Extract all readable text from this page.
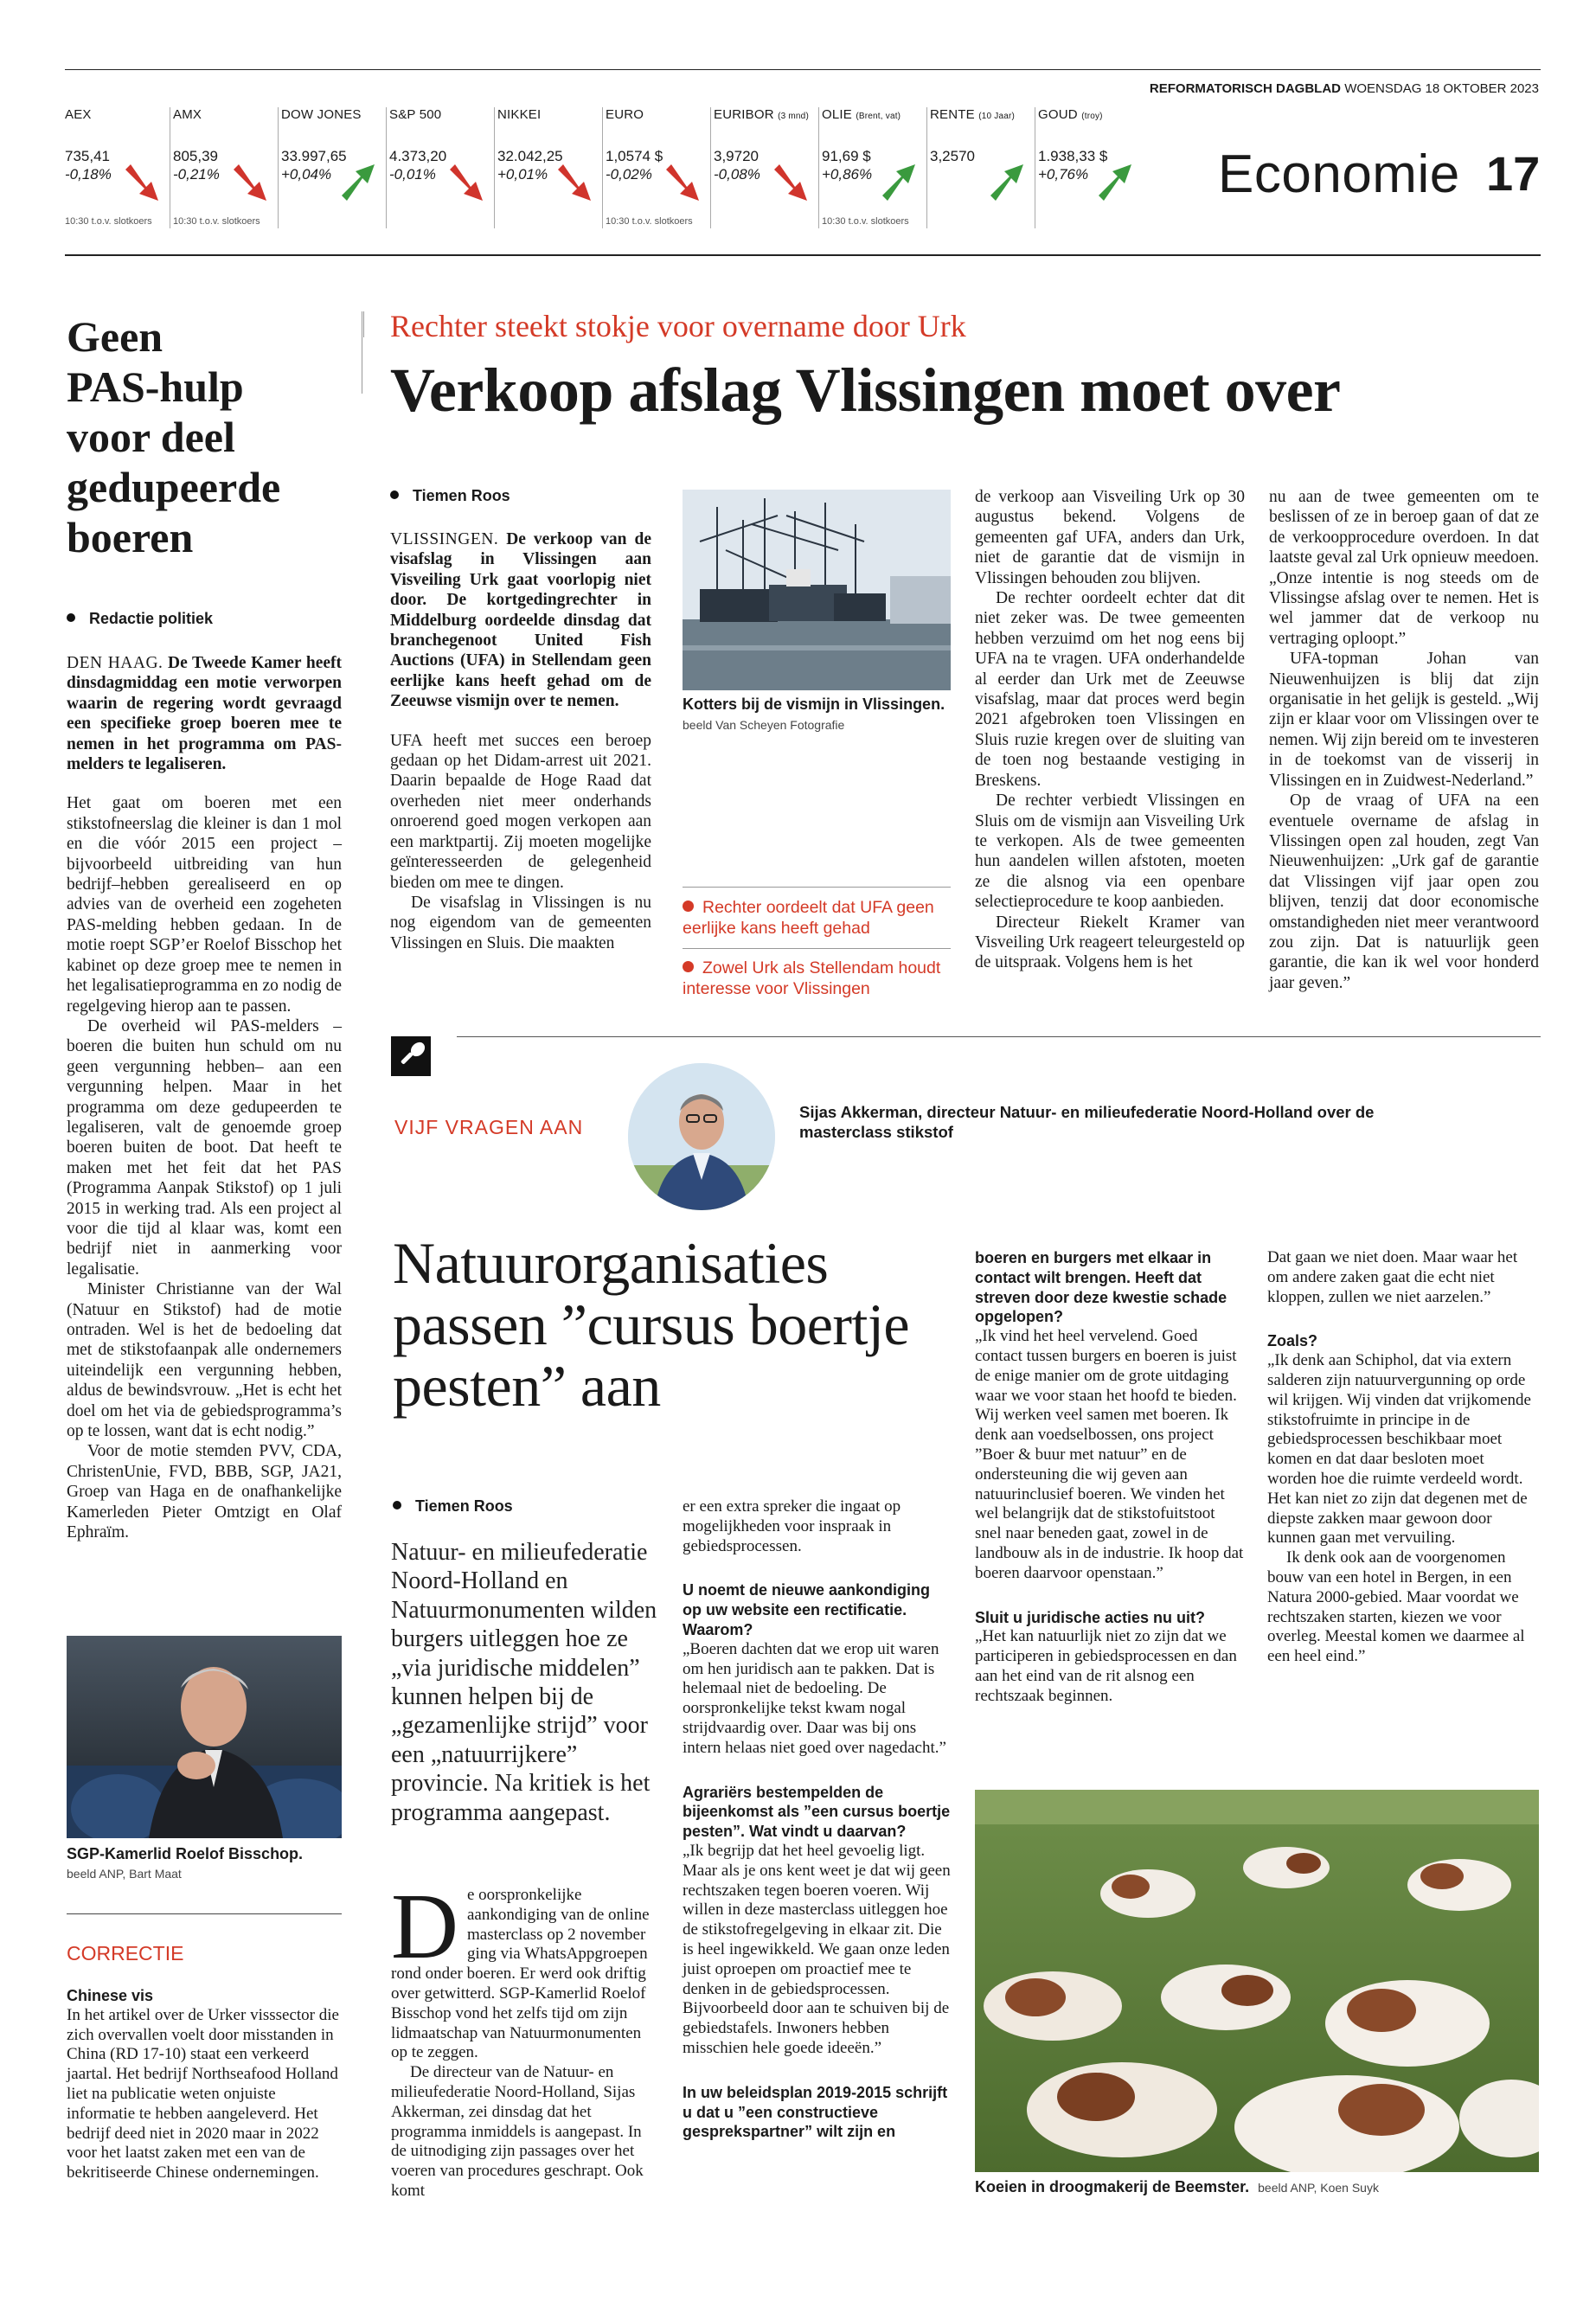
REFORMATORISCH DAGBLAD WOENSDAG 18 OKTOBER 2023
AEX
735,41
-0,18%
10:30 t.o.v. slotkoers
AMX
805,39
-0,21%
10:30 t.o.v. slotkoers
DOW JONES
33.997,65
+0,04%
S&P 500
4.373,20
-0,01%
NIKKEI
32.042,25
+0,01%
EURO
1,0574 $
-0,02%
10:30 t.o.v. slotkoers
EURIBOR (3 mnd)
3,9720
-0,08%
OLIE (Brent, vat)
91,69 $
+0,86%
10:30 t.o.v. slotkoers
RENTE (10 Jaar)
3,2570
GOUD (troy)
1.938,33 $
+0,76% Economie 17
Geen
PAS-hulp
voor deel
gedupeerde
boeren
Redactie politiek

DEN HAAG. De Tweede Kamer heeft dinsdagmiddag een motie verworpen waarin de regering wordt gevraagd een specifieke groep boeren mee te nemen in het programma om PAS-melders te legaliseren.

Het gaat om boeren met een stikstofneerslag die kleiner is dan 1 mol en die vóór 2015 een project –bijvoorbeeld uitbreiding van hun bedrijf–hebben gerealiseerd en op advies van de overheid een zogeheten PAS-melding hebben gedaan. In de motie roept SGP’er Roelof Bisschop het kabinet op deze groep mee te nemen in het legalisatieprogramma en zo nodig de regelgeving hierop aan te passen.

De overheid wil PAS-melders –boeren die buiten hun schuld om nu geen vergunning hebben– aan een vergunning helpen. Maar in het programma om deze gedupeerden te legaliseren, valt de genoemde groep boeren buiten de boot. Dat heeft te maken met het feit dat het PAS (Programma Aanpak Stikstof) op 1 juli 2015 in werking trad. Als een project al voor die tijd al klaar was, komt een bedrijf niet in aanmerking voor legalisatie.

Minister Christianne van der Wal (Natuur en Stikstof) had de motie ontraden. Wel is het de bedoeling dat met de stikstofaanpak alle ondernemers uiteindelijk een vergunning hebben, aldus de bewindsvrouw. „Het is echt het doel om het via de gebiedsprogramma’s op te lossen, want dat is echt nodig.”

Voor de motie stemden PVV, CDA, ChristenUnie, FVD, BBB, SGP, JA21, Groep van Haga en de onafhankelijke Kamerleden Pieter Omtzigt en Olaf Ephraïm.

SGP-Kamerlid Roelof Bisschop.
beeld ANP, Bart Maat
CORRECTIE
Chinese vis
In het artikel over de Urker visssector die zich overvallen voelt door misstanden in China (RD 17-10) staat een verkeerd jaartal. Het bedrijf Northseafood Holland liet na publicatie weten onjuiste informatie te hebben aangeleverd. Het bedrijf deed niet in 2020 maar in 2022 voor het laatst zaken met een van de bekritiseerde Chinese ondernemingen.
Rechter steekt stokje voor overname door Urk
Verkoop afslag Vlissingen moet over
Tiemen Roos

VLISSINGEN. De verkoop van de visafslag in Vlissingen aan Visveiling Urk gaat voorlopig niet door. De kortgedingrechter in Middelburg oordeelde dinsdag dat branchegenoot United Fish Auctions (UFA) in Stellendam geen eerlijke kans heeft gehad om de Zeeuwse vismijn over te nemen.

UFA heeft met succes een beroep gedaan op het Didam-arrest uit 2021. Daarin bepaalde de Hoge Raad dat overheden niet meer onderhands onroerend goed mogen verkopen aan een marktpartij. Zij moeten mogelijke geïnteresseerden de gelegenheid bieden om mee te dingen.

De visafslag in Vlissingen is nu nog eigendom van de gemeenten Vlissingen en Sluis. Die maakten

Kotters bij de vismijn in Vlissingen. beeld Van Scheyen Fotografie
Rechter oordeelt dat UFA geen eerlijke kans heeft gehad
Zowel Urk als Stellendam houdt interesse voor Vlissingen

de verkoop aan Visveiling Urk op 30 augustus bekend. Volgens de gemeenten gaf UFA, anders dan Urk, niet de garantie dat de vismijn in Vlissingen behouden zou blijven.

De rechter oordeelt echter dat dit niet zeker was. De twee gemeenten hebben verzuimd om het nog eens bij UFA na te vragen. UFA onderhandelde al eerder dan Urk met de Zeeuwse visafslag, maar dat proces werd begin 2021 afgebroken toen Vlissingen en Sluis ruzie kregen over de sluiting van de toen nog bestaande vestiging in Breskens.

De rechter verbiedt Vlissingen en Sluis om de vismijn aan Visveiling Urk te verkopen. Als de twee gemeenten hun aandelen willen afstoten, moeten ze die alsnog via een openbare selectieprocedure te koop aanbieden.

Directeur Riekelt Kramer van Visveiling Urk reageert teleurgesteld op de uitspraak. Volgens hem is het

nu aan de twee gemeenten om te beslissen of ze in beroep gaan of dat ze de verkoopprocedure overdoen. In dat laatste geval zal Urk opnieuw meedoen. „Onze intentie is nog steeds om de Vlissingse afslag over te nemen. Het is wel jammer dat de verkoop nu vertraging oploopt.”

UFA-topman Johan van Nieuwenhuijzen is blij dat zijn organisatie in het gelijk is gesteld. „Wij zijn er klaar voor om Vlissingen over te nemen. Wij zijn bereid om te investeren in de toekomst van de visserij in Vlissingen en in Zuidwest-Nederland.”

Op de vraag of UFA na een eventuele overname de afslag in Vlissingen open zal houden, zegt Van Nieuwenhuijzen: „Urk gaf de garantie dat Vlissingen vijf jaar open zou blijven, tenzij dat door economische omstandigheden niet meer verantwoord zou zijn. Dat is natuurlijk geen garantie, die kan ik wel voor honderd jaar geven.”

VIJF VRAGEN AAN
Sijas Akkerman, directeur Natuur- en milieufederatie Noord-Holland over de masterclass stikstof
Natuurorganisaties passen ”cursus boertje pesten” aan
Tiemen Roos
Natuur- en milieufederatie Noord-Holland en Natuurmonumenten wilden burgers uitleggen hoe ze „via juridische middelen” kunnen helpen bij de „gezamenlijke strijd” voor een „natuurrijkere” provincie. Na kritiek is het programma aangepast.

De oorspronkelijke aankondiging van de online masterclass op 2 november ging via WhatsAppgroepen rond onder boeren. Er werd ook driftig over getwitterd. SGP-Kamerlid Roelof Bisschop vond het zelfs tijd om zijn lidmaatschap van Natuurmonumenten op te zeggen.

De directeur van de Natuur- en milieufederatie Noord-Holland, Sijas Akkerman, zei dinsdag dat het programma inmiddels is aangepast. In de uitnodiging zijn passages over het voeren van procedures geschrapt. Ook komt

er een extra spreker die ingaat op mogelijkheden voor inspraak in gebiedsprocessen.

U noemt de nieuwe aankondiging op uw website een rectificatie. Waarom?

„Boeren dachten dat we erop uit waren om hen juridisch aan te pakken. Dat is helemaal niet de bedoeling. De oorspronkelijke tekst kwam nogal strijdvaardig over. Daar was bij ons intern helaas niet goed over nagedacht.”

Agrariërs bestempelden de bijeenkomst als ”een cursus boertje pesten”. Wat vindt u daarvan?

„Ik begrijp dat het heel gevoelig ligt. Maar als je ons kent weet je dat wij geen rechtszaken tegen boeren voeren. Wij willen in deze masterclass uitleggen hoe de stikstofregelgeving in elkaar zit. Die is heel ingewikkeld. We gaan onze leden juist oproepen om proactief mee te denken in de gebiedsprocessen. Bijvoorbeeld door aan te schuiven bij de gebiedstafels. Inwoners hebben misschien hele goede ideeën.”

In uw beleidsplan 2019-2015 schrijft u dat u ”een constructieve gesprekspartner” wilt zijn en

boeren en burgers met elkaar in contact wilt brengen. Heeft dat streven door deze kwestie schade opgelopen?

„Ik vind het heel vervelend. Goed contact tussen burgers en boeren is juist de enige manier om de grote uitdaging waar we voor staan het hoofd te bieden. Wij werken veel samen met boeren. Ik denk aan voedselbossen, ons project ”Boer & buur met natuur” en de ondersteuning die wij geven aan natuurinclusief boeren. We vinden het wel belangrijk dat de stikstofuitstoot snel naar beneden gaat, zowel in de landbouw als in de industrie. Ik hoop dat boeren daarvoor openstaan.”

Sluit u juridische acties nu uit?

„Het kan natuurlijk niet zo zijn dat we participeren in gebiedsprocessen en dan aan het eind van de rit alsnog een rechtszaak beginnen.

Dat gaan we niet doen. Maar waar het om andere zaken gaat die echt niet kloppen, zullen we niet aarzelen.”

Zoals?

„Ik denk aan Schiphol, dat via extern salderen zijn natuurvergunning op orde wil krijgen. Wij vinden dat vrijkomende stikstofruimte in principe in de gebiedsprocessen beschikbaar moet komen en dat daar besloten moet worden hoe die ruimte verdeeld wordt. Het kan niet zo zijn dat degenen met de diepste zakken maar gewoon door kunnen gaan met vervuiling.

Ik denk ook aan de voorgenomen bouw van een hotel in Bergen, in een Natura 2000-gebied. Maar voordat we rechtszaken starten, kiezen we voor overleg. Meestal komen we daarmee al een heel eind.”

Koeien in droogmakerij de Beemster. beeld ANP, Koen Suyk
